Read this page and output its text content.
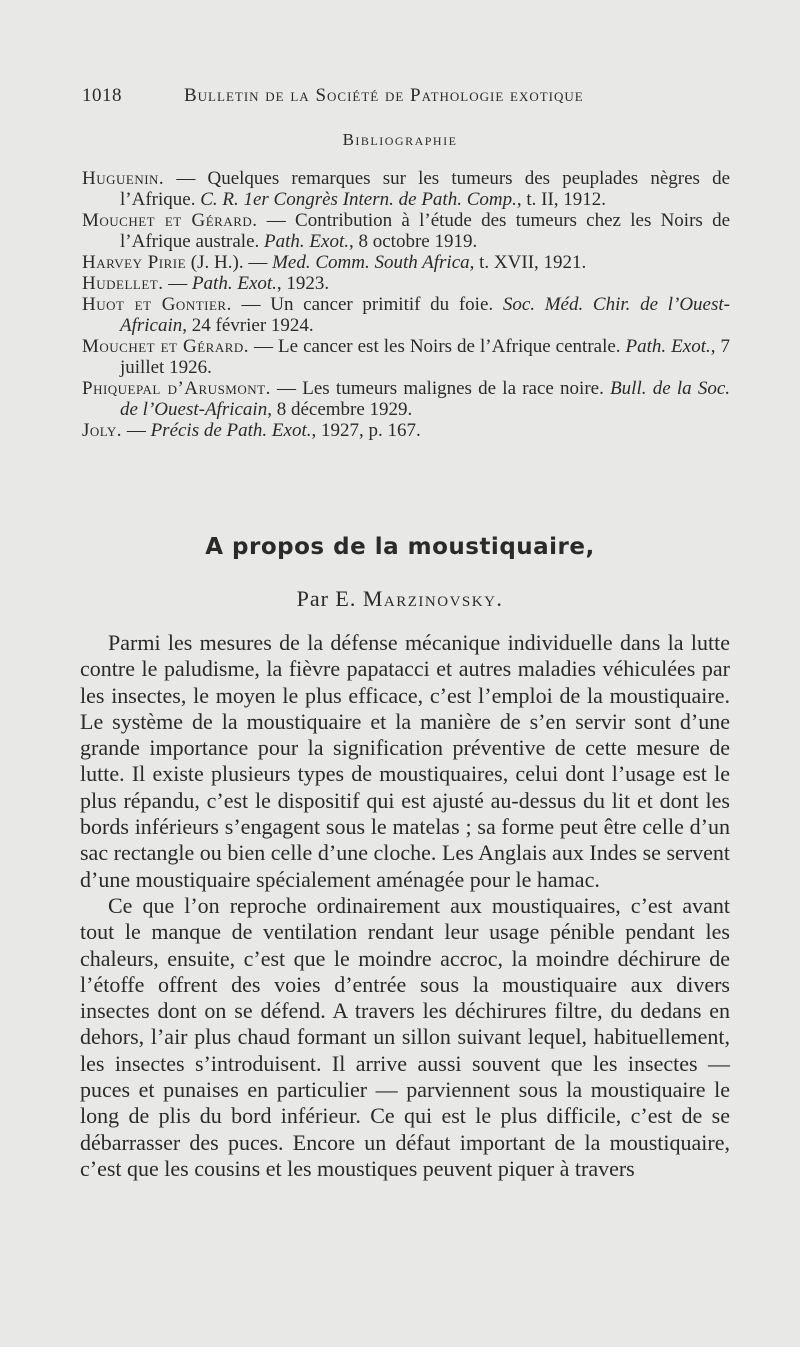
1018	Bulletin de la Société de Pathologie exotique
Bibliographie

Huguenin. — Quelques remarques sur les tumeurs des peuplades nègres de l’Afrique. C. R. 1er Congrès Intern. de Path. Comp., t. II, 1912.

Mouchet et Gérard. — Contribution à l’étude des tumeurs chez les Noirs de l’Afrique australe. Path. Exot., 8 octobre 1919.

Harvey Pirie (J. H.). — Med. Comm. South Africa, t. XVII, 1921.

Hudellet. — Path. Exot., 1923.

Huot et Gontier. — Un cancer primitif du foie. Soc. Méd. Chir. de l’Ouest-Africain, 24 février 1924.

Mouchet et Gérard. — Le cancer est les Noirs de l’Afrique centrale. Path. Exot., 7 juillet 1926.

Phiquepal d’Arusmont. — Les tumeurs malignes de la race noire. Bull. de la Soc. de l’Ouest-Africain, 8 décembre 1929.

Joly. — Précis de Path. Exot., 1927, p. 167.

A propos de la moustiquaire,
Par E. Marzinovsky.

Parmi les mesures de la défense mécanique individuelle dans la lutte contre le paludisme, la fièvre papatacci et autres maladies véhiculées par les insectes, le moyen le plus efficace, c’est l’emploi de la moustiquaire. Le système de la moustiquaire et la manière de s’en servir sont d’une grande importance pour la signification préventive de cette mesure de lutte. Il existe plusieurs types de moustiquaires, celui dont l’usage est le plus répandu, c’est le dispositif qui est ajusté au-dessus du lit et dont les bords inférieurs s’engagent sous le matelas ; sa forme peut être celle d’un sac rectangle ou bien celle d’une cloche. Les Anglais aux Indes se servent d’une moustiquaire spécialement aménagée pour le hamac.

Ce que l’on reproche ordinairement aux moustiquaires, c’est avant tout le manque de ventilation rendant leur usage pénible pendant les chaleurs, ensuite, c’est que le moindre accroc, la moindre déchirure de l’étoffe offrent des voies d’entrée sous la moustiquaire aux divers insectes dont on se défend. A travers les déchirures filtre, du dedans en dehors, l’air plus chaud formant un sillon suivant lequel, habituellement, les insectes s’introduisent. Il arrive aussi souvent que les insectes — puces et punaises en particulier — parviennent sous la moustiquaire le long de plis du bord inférieur. Ce qui est le plus difficile, c’est de se débarrasser des puces. Encore un défaut important de la moustiquaire, c’est que les cousins et les moustiques peuvent piquer à travers
